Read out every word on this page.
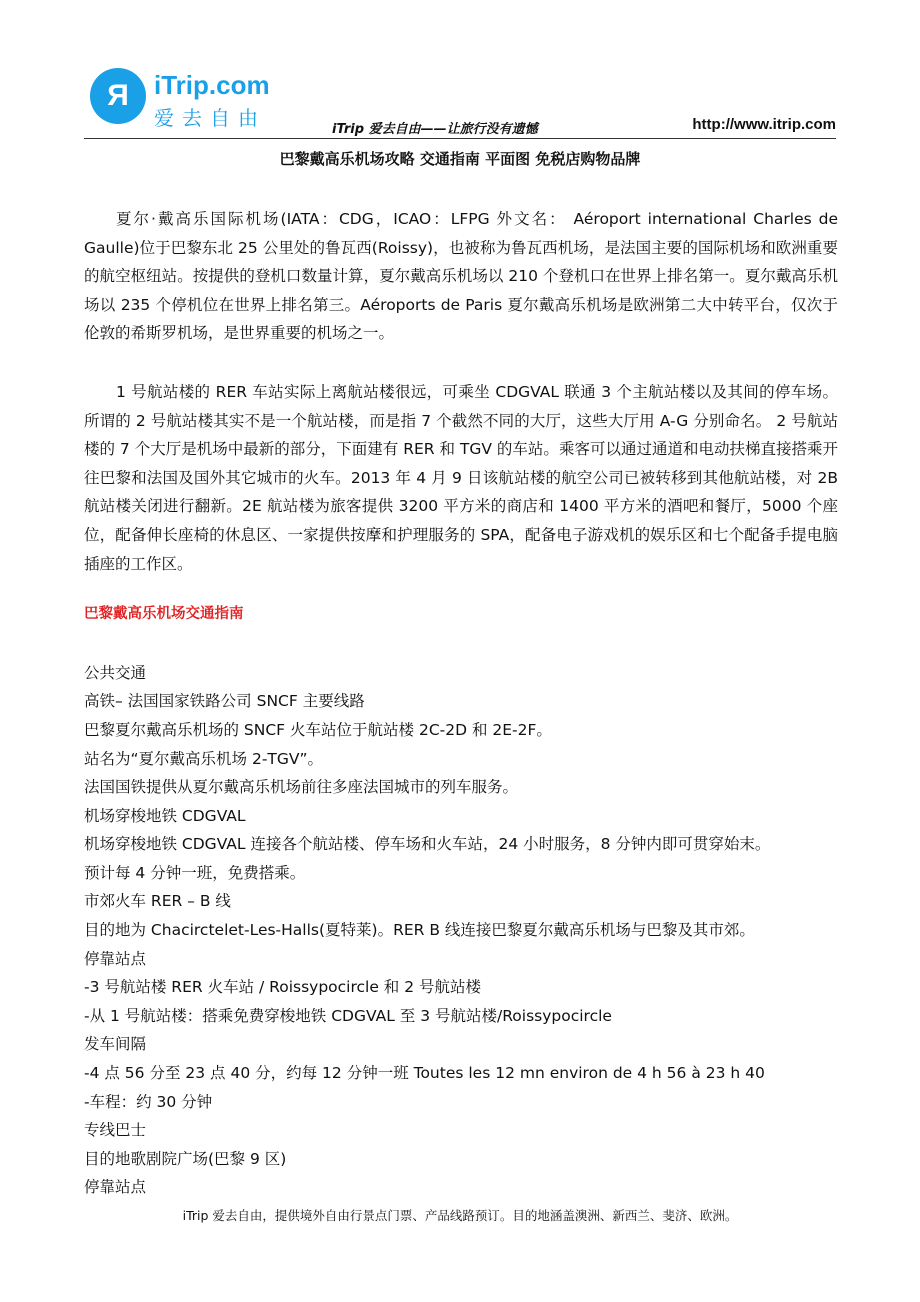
Я iTrip.com
爱去自由	iTrip 爱去自由——让旅行没有遗憾	http://www.itrip.com
巴黎戴高乐机场攻略 交通指南 平面图 免税店购物品牌

夏尔·戴高乐国际机场(IATA：CDG，ICAO：LFPG 外文名： Aéroport international Charles de Gaulle)位于巴黎东北 25 公里处的鲁瓦西(Roissy)，也被称为鲁瓦西机场，是法国主要的国际机场和欧洲重要的航空枢纽站。按提供的登机口数量计算，夏尔戴高乐机场以 210 个登机口在世界上排名第一。夏尔戴高乐机场以 235 个停机位在世界上排名第三。Aéroports de Paris 夏尔戴高乐机场是欧洲第二大中转平台，仅次于伦敦的希斯罗机场，是世界重要的机场之一。

1 号航站楼的 RER 车站实际上离航站楼很远，可乘坐 CDGVAL 联通 3 个主航站楼以及其间的停车场。所谓的 2 号航站楼其实不是一个航站楼，而是指 7 个截然不同的大厅，这些大厅用 A-G 分别命名。 2 号航站楼的 7 个大厅是机场中最新的部分，下面建有 RER 和 TGV 的车站。乘客可以通过通道和电动扶梯直接搭乘开往巴黎和法国及国外其它城市的火车。2013 年 4 月 9 日该航站楼的航空公司已被转移到其他航站楼，对 2B 航站楼关闭进行翻新。2E 航站楼为旅客提供 3200 平方米的商店和 1400 平方米的酒吧和餐厅，5000 个座位，配备伸长座椅的休息区、一家提供按摩和护理服务的 SPA，配备电子游戏机的娱乐区和七个配备手提电脑插座的工作区。

巴黎戴高乐机场交通指南

公共交通

高铁– 法国国家铁路公司 SNCF 主要线路

巴黎夏尔戴高乐机场的 SNCF 火车站位于航站楼 2C-2D 和 2E-2F。

站名为“夏尔戴高乐机场 2-TGV”。

法国国铁提供从夏尔戴高乐机场前往多座法国城市的列车服务。

机场穿梭地铁 CDGVAL

机场穿梭地铁 CDGVAL 连接各个航站楼、停车场和火车站，24 小时服务，8 分钟内即可贯穿始末。

预计每 4 分钟一班，免费搭乘。

市郊火车 RER – B 线

目的地为 Chacirctelet-Les-Halls(夏特莱)。RER B 线连接巴黎夏尔戴高乐机场与巴黎及其市郊。

停靠站点

-3 号航站楼 RER 火车站 / Roissypocircle 和 2 号航站楼

-从 1 号航站楼：搭乘免费穿梭地铁 CDGVAL 至 3 号航站楼/Roissypocircle

发车间隔

-4 点 56 分至 23 点 40 分，约每 12 分钟一班 Toutes les 12 mn environ de 4 h 56 à 23 h 40

-车程：约 30 分钟

专线巴士

目的地歌剧院广场(巴黎 9 区)

停靠站点

iTrip 爱去自由，提供境外自由行景点门票、产品线路预订。目的地涵盖澳洲、新西兰、斐济、欧洲。
